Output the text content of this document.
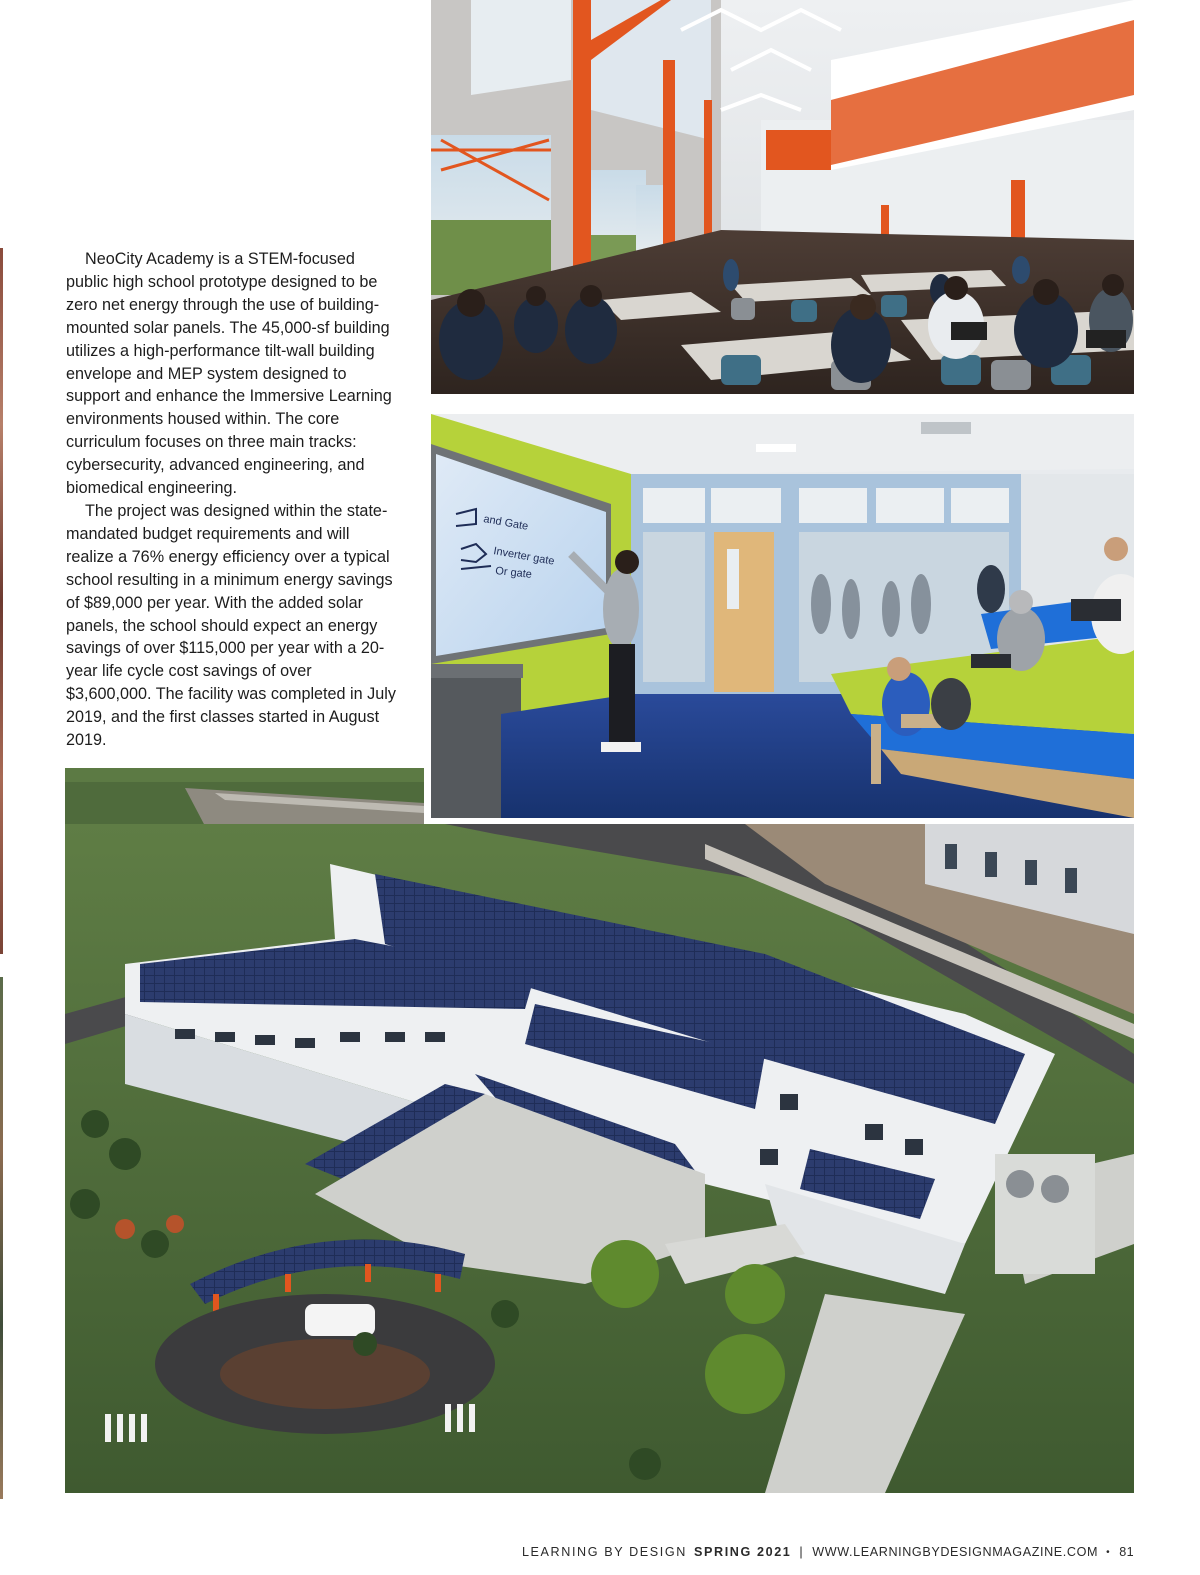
NeoCity Academy is a STEM-focused public high school prototype designed to be zero net energy through the use of building-mounted solar panels. The 45,000-sf building utilizes a high-performance tilt-wall building envelope and MEP system designed to support and enhance the Immersive Learning environments housed within. The core curriculum focuses on three main tracks: cybersecurity, advanced engineering, and biomedical engineering.

The project was designed within the state-mandated budget requirements and will realize a 76% energy efficiency over a typical school resulting in a minimum energy savings of $89,000 per year. With the added solar panels, the school should expect an energy savings of over $115,000 per year with a 20-year life cycle cost savings of over $3,600,000. The facility was completed in July 2019, and the first classes started in August 2019.

and Gate
Inverter gate
Or gate
LEARNING BY DESIGN SPRING 2021 | WWW.LEARNINGBYDESIGNMAGAZINE.COM • 81
